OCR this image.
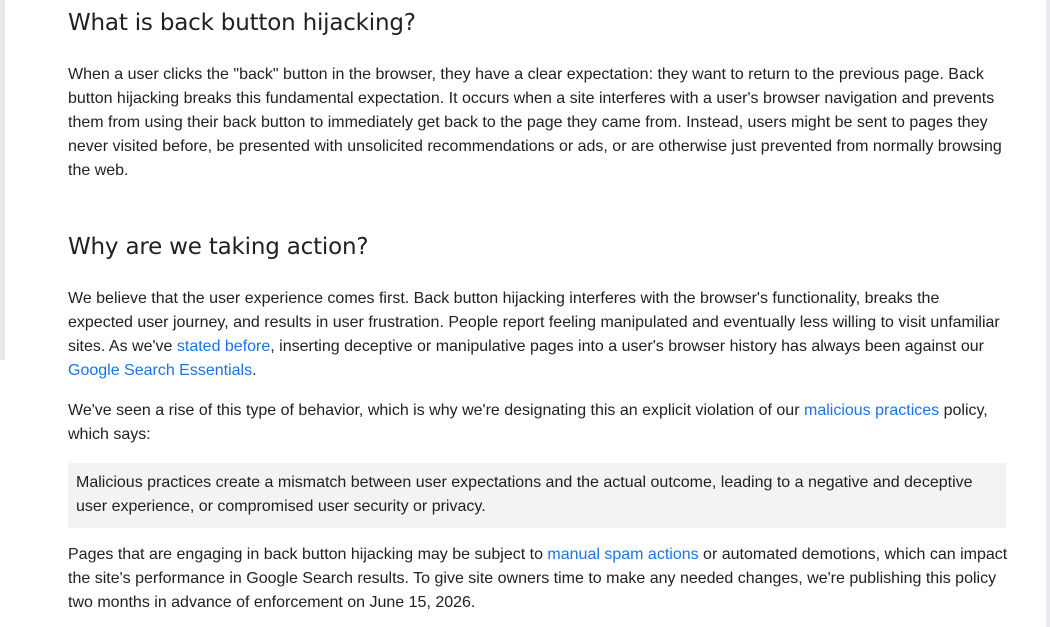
What is back button hijacking?

When a user clicks the "back" button in the browser, they have a clear expectation: they want to return to the previous page. Back button hijacking breaks this fundamental expectation. It occurs when a site interferes with a user's browser navigation and prevents them from using their back button to immediately get back to the page they came from. Instead, users might be sent to pages they never visited before, be presented with unsolicited recommendations or ads, or are otherwise just prevented from normally browsing the web.

Why are we taking action?

We believe that the user experience comes first. Back button hijacking interferes with the browser's functionality, breaks the expected user journey, and results in user frustration. People report feeling manipulated and eventually less willing to visit unfamiliar sites. As we've stated before, inserting deceptive or manipulative pages into a user's browser history has always been against our Google Search Essentials.

We've seen a rise of this type of behavior, which is why we're designating this an explicit violation of our malicious practices policy, which says:

Malicious practices create a mismatch between user expectations and the actual outcome, leading to a negative and deceptive user experience, or compromised user security or privacy.

Pages that are engaging in back button hijacking may be subject to manual spam actions or automated demotions, which can impact the site's performance in Google Search results. To give site owners time to make any needed changes, we're publishing this policy two months in advance of enforcement on June 15, 2026.
